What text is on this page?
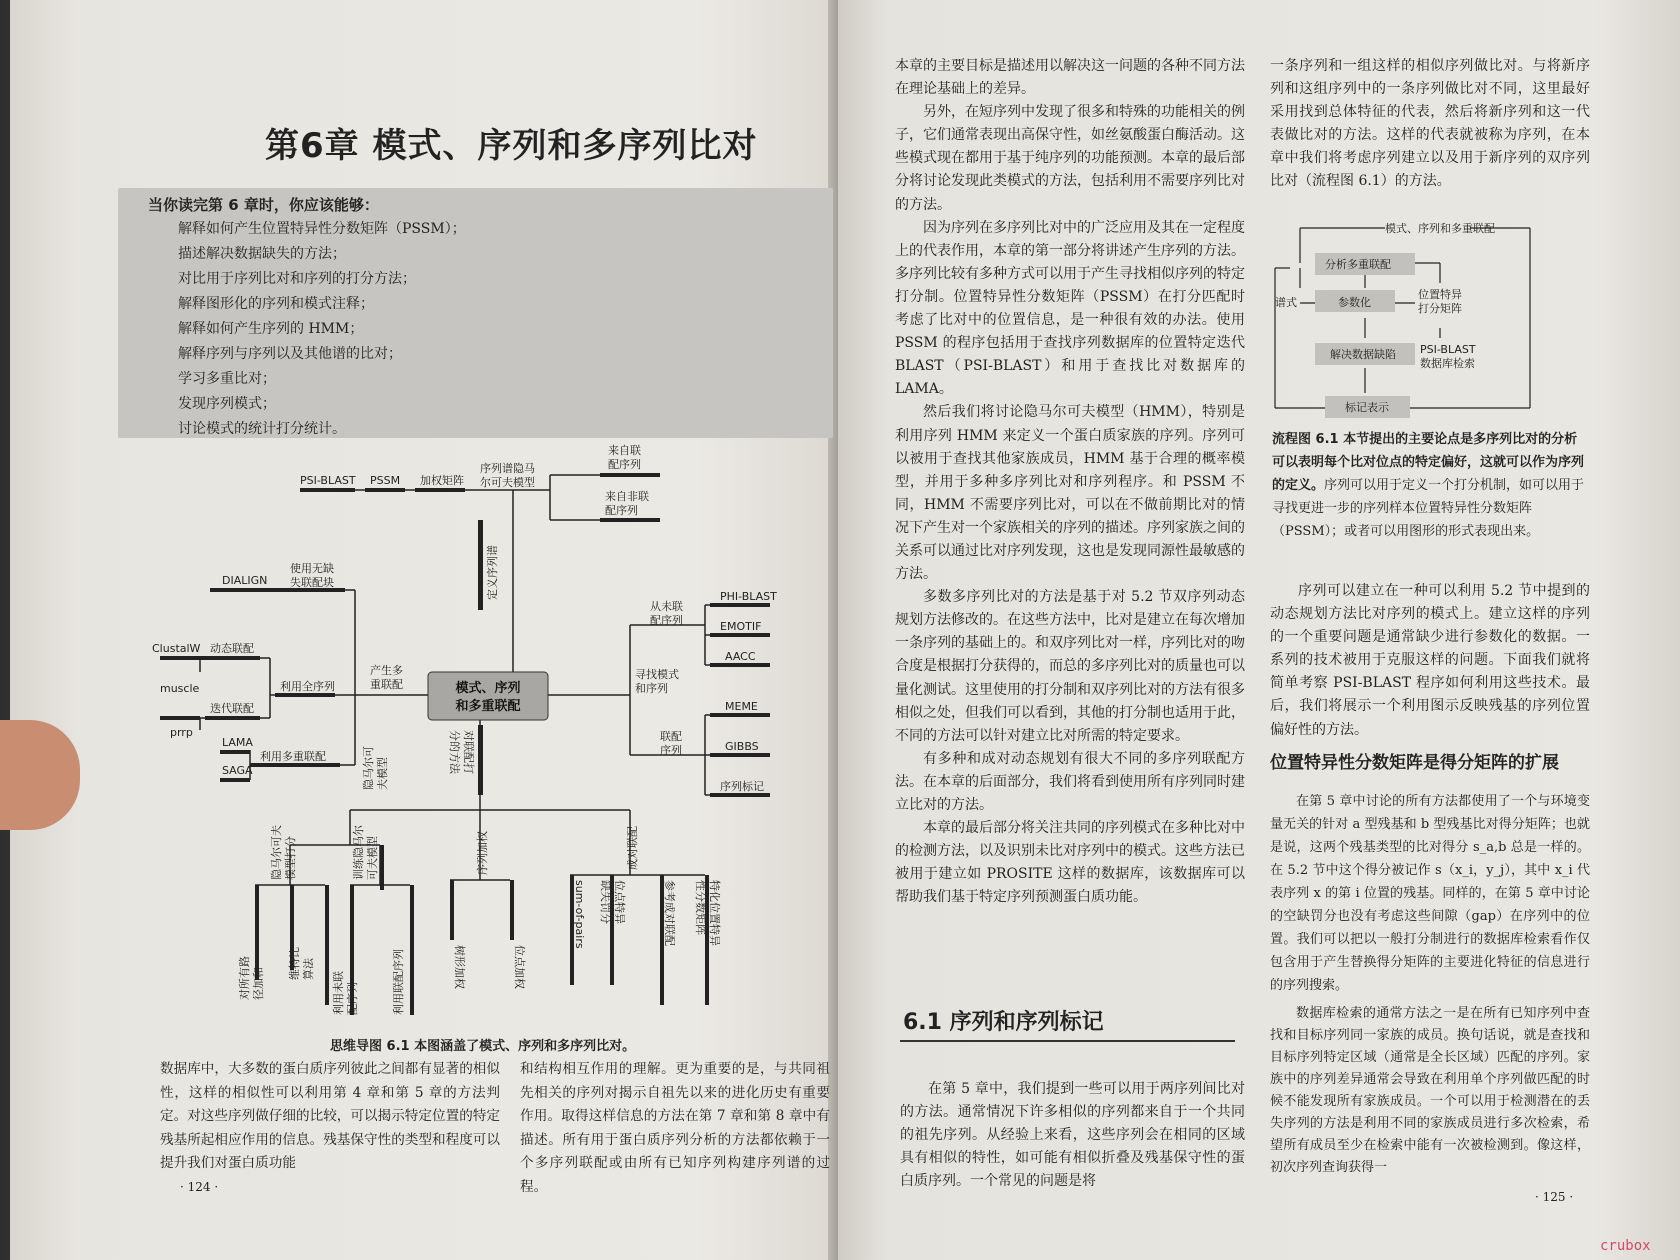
第6章 模式、序列和多序列比对
当你读完第 6 章时，你应该能够：
解释如何产生位置特异性分数矩阵（PSSM）；
描述解决数据缺失的方法；
对比用于序列比对和序列的打分方法；
解释图形化的序列和模式注释；
解释如何产生序列的 HMM；
解释序列与序列以及其他谱的比对；
学习多重比对；
发现序列模式；
讨论模式的统计打分统计。
模式、序列
和多重联配
PSI-BLAST PSSM 加权矩阵
序列谱隐马
尔可夫模型
来自联
配序列
来自非联
配序列
定义序列谱
DIALIGN
使用无缺
失联配块
ClustalW 动态联配
muscle
迭代联配
prrp
利用全序列
产生多
重联配
LAMA
SAGA
利用多重联配
寻找模式
和序列
从未联
配序列
PHI-BLAST
EMOTIF
AACC
联配
序列
MEME
GIBBS
序列标记
对联配打
分的方法
隐马尔可 夫模型
序列加权	成对联配
隐马尔可夫 模型打分	训练隐马尔 可夫模型
树形加权	位点加权
sum-of-pairs 位点特异
缺失罚分	参考成对联配	特化位置特异
性分数矩阵
对所有路 径加和
维特比 算法
利用未联 配序列	利用联配序列
思维导图 6.1 本图涵盖了模式、序列和多序列比对。
数据库中，大多数的蛋白质序列彼此之间都有显著的相似性，这样的相似性可以利用第 4 章和第 5 章的方法判定。对这些序列做仔细的比较，可以揭示特定位置的特定残基所起相应作用的信息。残基保守性的类型和程度可以提升我们对蛋白质功能
和结构相互作用的理解。更为重要的是，与共同祖先相关的序列对揭示自祖先以来的进化历史有重要作用。取得这样信息的方法在第 7 章和第 8 章中有描述。所有用于蛋白质序列分析的方法都依赖于一个多序列联配或由所有已知序列构建序列谱的过程。
· 124 ·
本章的主要目标是描述用以解决这一问题的各种不同方法在理论基础上的差异。
另外，在短序列中发现了很多和特殊的功能相关的例子，它们通常表现出高保守性，如丝氨酸蛋白酶活动。这些模式现在都用于基于纯序列的功能预测。本章的最后部分将讨论发现此类模式的方法，包括利用不需要序列比对的方法。
因为序列在多序列比对中的广泛应用及其在一定程度上的代表作用，本章的第一部分将讲述产生序列的方法。多序列比较有多种方式可以用于产生寻找相似序列的特定打分制。位置特异性分数矩阵（PSSM）在打分匹配时考虑了比对中的位置信息，是一种很有效的办法。使用 PSSM 的程序包括用于查找序列数据库的位置特定迭代 BLAST（PSI-BLAST）和用于查找比对数据库的 LAMA。
然后我们将讨论隐马尔可夫模型（HMM），特别是利用序列 HMM 来定义一个蛋白质家族的序列。序列可以被用于查找其他家族成员，HMM 基于合理的概率模型，并用于多种多序列比对和序列程序。和 PSSM 不同，HMM 不需要序列比对，可以在不做前期比对的情况下产生对一个家族相关的序列的描述。序列家族之间的关系可以通过比对序列发现，这也是发现同源性最敏感的方法。
多数多序列比对的方法是基于对 5.2 节双序列动态规划方法修改的。在这些方法中，比对是建立在每次增加一条序列的基础上的。和双序列比对一样，序列比对的吻合度是根据打分获得的，而总的多序列比对的质量也可以量化测试。这里使用的打分制和双序列比对的方法有很多相似之处，但我们可以看到，其他的打分制也适用于此，不同的方法可以针对建立比对所需的特定要求。
有多种和成对动态规划有很大不同的多序列联配方法。在本章的后面部分，我们将看到使用所有序列同时建立比对的方法。
本章的最后部分将关注共同的序列模式在多种比对中的检测方法，以及识别未比对序列中的模式。这些方法已被用于建立如 PROSITE 这样的数据库，该数据库可以帮助我们基于特定序列预测蛋白质功能。
6.1 序列和序列标记
在第 5 章中，我们提到一些可以用于两序列间比对的方法。通常情况下许多相似的序列都来自于一个共同的祖先序列。从经验上来看，这些序列会在相同的区域具有相似的特性，如可能有相似折叠及残基保守性的蛋白质序列。一个常见的问题是将
一条序列和一组这样的相似序列做比对。与将新序列和这组序列中的一条序列做比对不同，这里最好采用找到总体特征的代表，然后将新序列和这一代表做比对的方法。这样的代表就被称为序列，在本章中我们将考虑序列建立以及用于新序列的双序列比对（流程图 6.1）的方法。
模式、序列和多重联配
分析多重联配
谱式	参数化
位置特异
打分矩阵
解决数据缺陷 PSI-BLAST
数据库检索
标记表示
流程图 6.1 本节提出的主要论点是多序列比对的分析可以表明每个比对位点的特定偏好，这就可以作为序列的定义。序列可以用于定义一个打分机制，如可以用于寻找更进一步的序列样本位置特异性分数矩阵（PSSM）；或者可以用图形的形式表现出来。
序列可以建立在一种可以利用 5.2 节中提到的动态规划方法比对序列的模式上。建立这样的序列的一个重要问题是通常缺少进行参数化的数据。一系列的技术被用于克服这样的问题。下面我们就将简单考察 PSI-BLAST 程序如何利用这些技术。最后，我们将展示一个利用图示反映残基的序列位置偏好性的方法。
位置特异性分数矩阵是得分矩阵的扩展
在第 5 章中讨论的所有方法都使用了一个与环境变量无关的针对 a 型残基和 b 型残基比对得分矩阵；也就是说，这两个残基类型的比对得分 s_a,b 总是一样的。在 5.2 节中这个得分被记作 s（x_i，y_j），其中 x_i 代表序列 x 的第 i 位置的残基。同样的，在第 5 章中讨论的空缺罚分也没有考虑这些间隙（gap）在序列中的位置。我们可以把以一般打分制进行的数据库检索看作仅包含用于产生替换得分矩阵的主要进化特征的信息进行的序列搜索。
数据库检索的通常方法之一是在所有已知序列中查找和目标序列同一家族的成员。换句话说，就是查找和目标序列特定区域（通常是全长区域）匹配的序列。家族中的序列差异通常会导致在利用单个序列做匹配的时候不能发现所有家族成员。一个可以用于检测潜在的丢失序列的方法是利用不同的家族成员进行多次检索，希望所有成员至少在检索中能有一次被检测到。像这样，初次序列查询获得一
· 125 ·
crubox
